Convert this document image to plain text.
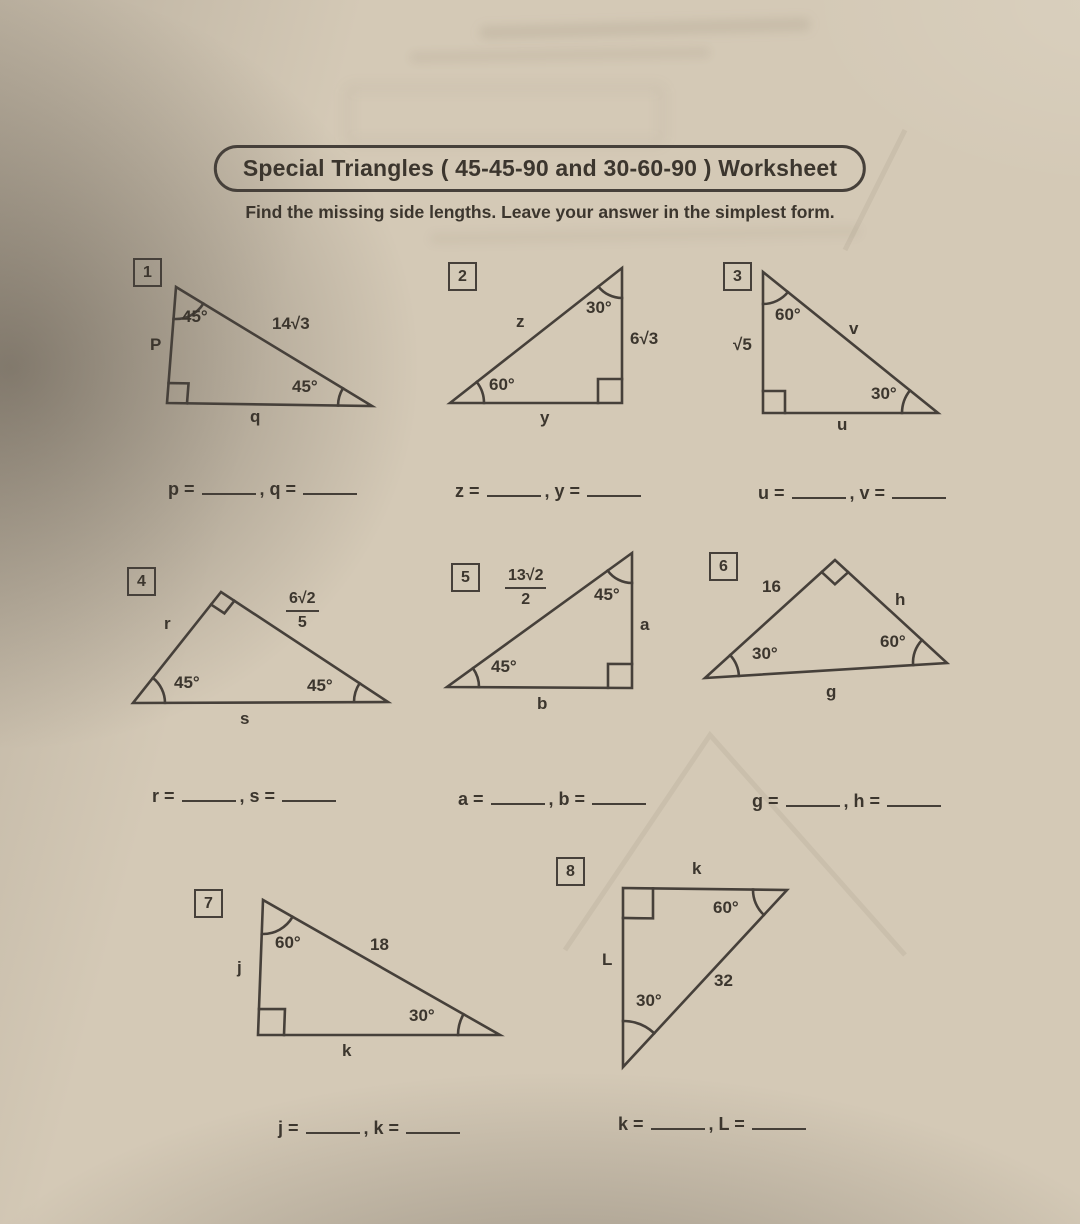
Special Triangles ( 45-45-90 and 30-60-90 ) Worksheet
Find the missing side lengths. Leave your answer in the simplest form.
1	2	3
4	5
6
7
8
45°
P
14√3
45°
q
z
30°
6√3
60°
y
60°
√5
v
30°
u
r	$\frac{6√2}{5}$
45°	45°
s
$\frac{13√2}{2}$	45°
a
45°
b
16
h
30°
60°
g
60°	18
j
30°
k
k
60°
L
32
30°
p =	, q =	z =	, y =	u =	, v =
r =	, s =	a =	, b =	g =	, h =
j =	, k =	k =	, L =
